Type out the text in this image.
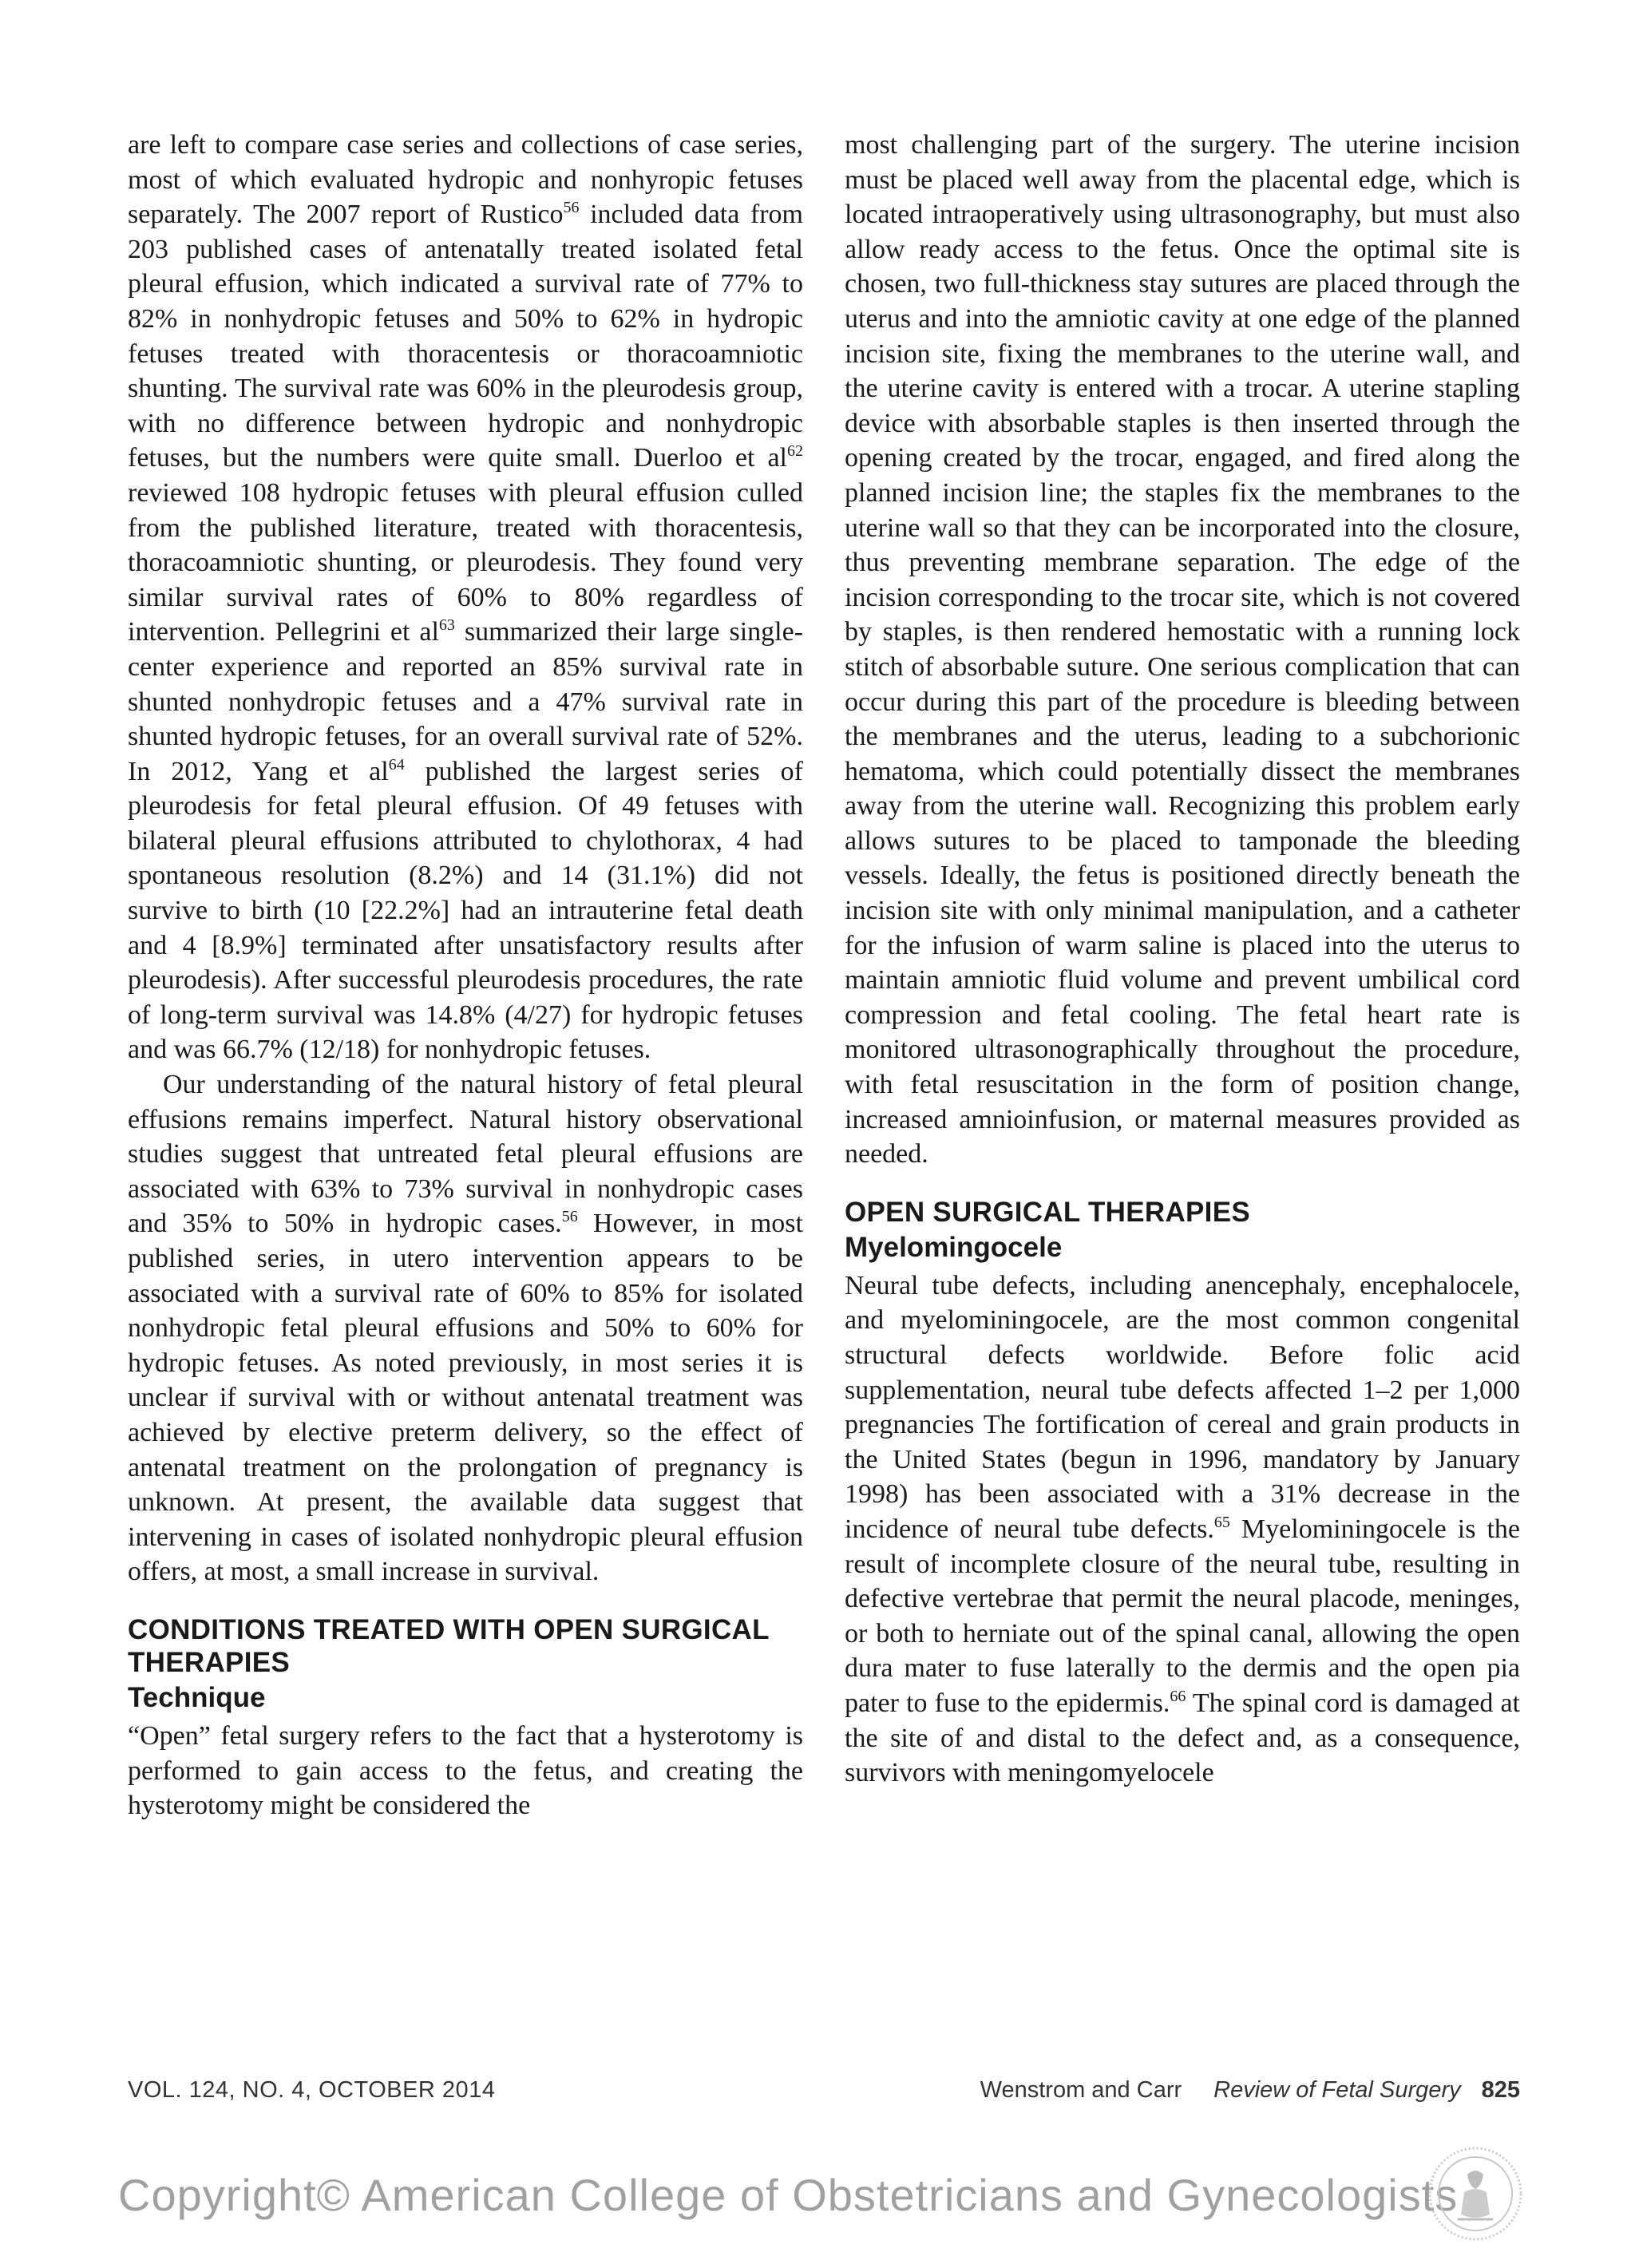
are left to compare case series and collections of case series, most of which evaluated hydropic and nonhyropic fetuses separately. The 2007 report of Rustico$^{56}$ included data from 203 published cases of antenatally treated isolated fetal pleural effusion, which indicated a survival rate of 77% to 82% in nonhydropic fetuses and 50% to 62% in hydropic fetuses treated with thoracentesis or thoracoamniotic shunting. The survival rate was 60% in the pleurodesis group, with no difference between hydropic and nonhydropic fetuses, but the numbers were quite small. Duerloo et $al^{62}$ reviewed 108 hydropic fetuses with pleural effusion culled from the published literature, treated with thoracentesis, thoracoamniotic shunting, or pleurodesis. They found very similar survival rates of 60% to 80% regardless of intervention. Pellegrini et $al^{63}$ summarized their large single-center experience and reported an 85% survival rate in shunted nonhydropic fetuses and a 47% survival rate in shunted hydropic fetuses, for an overall survival rate of 52%. In 2012, Yang et $al^{64}$ published the largest series of pleurodesis for fetal pleural effusion. Of 49 fetuses with bilateral pleural effusions attributed to chylothorax, 4 had spontaneous resolution (8.2%) and 14 (31.1%) did not survive to birth (10 [22.2%] had an intrauterine fetal death and 4 [8.9%] terminated after unsatisfactory results after pleurodesis). After successful pleurodesis procedures, the rate of long-term survival was 14.8% (4/27) for hydropic fetuses and was 66.7% (12/18) for nonhydropic fetuses.

Our understanding of the natural history of fetal pleural effusions remains imperfect. Natural history observational studies suggest that untreated fetal pleural effusions are associated with 63% to 73% survival in nonhydropic cases and 35% to 50% in hydropic cases.$^{56}$ However, in most published series, in utero intervention appears to be associated with a survival rate of 60% to 85% for isolated nonhydropic fetal pleural effusions and 50% to 60% for hydropic fetuses. As noted previously, in most series it is unclear if survival with or without antenatal treatment was achieved by elective preterm delivery, so the effect of antenatal treatment on the prolongation of pregnancy is unknown. At present, the available data suggest that intervening in cases of isolated nonhydropic pleural effusion offers, at most, a small increase in survival.

CONDITIONS TREATED WITH OPEN SURGICAL THERAPIES
Technique

“Open” fetal surgery refers to the fact that a hysterotomy is performed to gain access to the fetus, and creating the hysterotomy might be considered the

most challenging part of the surgery. The uterine incision must be placed well away from the placental edge, which is located intraoperatively using ultrasonography, but must also allow ready access to the fetus. Once the optimal site is chosen, two full-thickness stay sutures are placed through the uterus and into the amniotic cavity at one edge of the planned incision site, fixing the membranes to the uterine wall, and the uterine cavity is entered with a trocar. A uterine stapling device with absorbable staples is then inserted through the opening created by the trocar, engaged, and fired along the planned incision line; the staples fix the membranes to the uterine wall so that they can be incorporated into the closure, thus preventing membrane separation. The edge of the incision corresponding to the trocar site, which is not covered by staples, is then rendered hemostatic with a running lock stitch of absorbable suture. One serious complication that can occur during this part of the procedure is bleeding between the membranes and the uterus, leading to a subchorionic hematoma, which could potentially dissect the membranes away from the uterine wall. Recognizing this problem early allows sutures to be placed to tamponade the bleeding vessels. Ideally, the fetus is positioned directly beneath the incision site with only minimal manipulation, and a catheter for the infusion of warm saline is placed into the uterus to maintain amniotic fluid volume and prevent umbilical cord compression and fetal cooling. The fetal heart rate is monitored ultrasonographically throughout the procedure, with fetal resuscitation in the form of position change, increased amnioinfusion, or maternal measures provided as needed.

OPEN SURGICAL THERAPIES
Myelomingocele

Neural tube defects, including anencephaly, encephalocele, and myelominingocele, are the most common congenital structural defects worldwide. Before folic acid supplementation, neural tube defects affected 1–2 per 1,000 pregnancies The fortification of cereal and grain products in the United States (begun in 1996, mandatory by January 1998) has been associated with a 31% decrease in the incidence of neural tube defects.$^{65}$ Myelominingocele is the result of incomplete closure of the neural tube, resulting in defective vertebrae that permit the neural placode, meninges, or both to herniate out of the spinal canal, allowing the open dura mater to fuse laterally to the dermis and the open pia pater to fuse to the epidermis.$^{66}$ The spinal cord is damaged at the site of and distal to the defect and, as a consequence, survivors with meningomyelocele

VOL. 124, NO. 4, OCTOBER 2014	Wenstrom and Carr Review of Fetal Surgery 825
Copyright© American College of Obstetricians and Gynecologists
